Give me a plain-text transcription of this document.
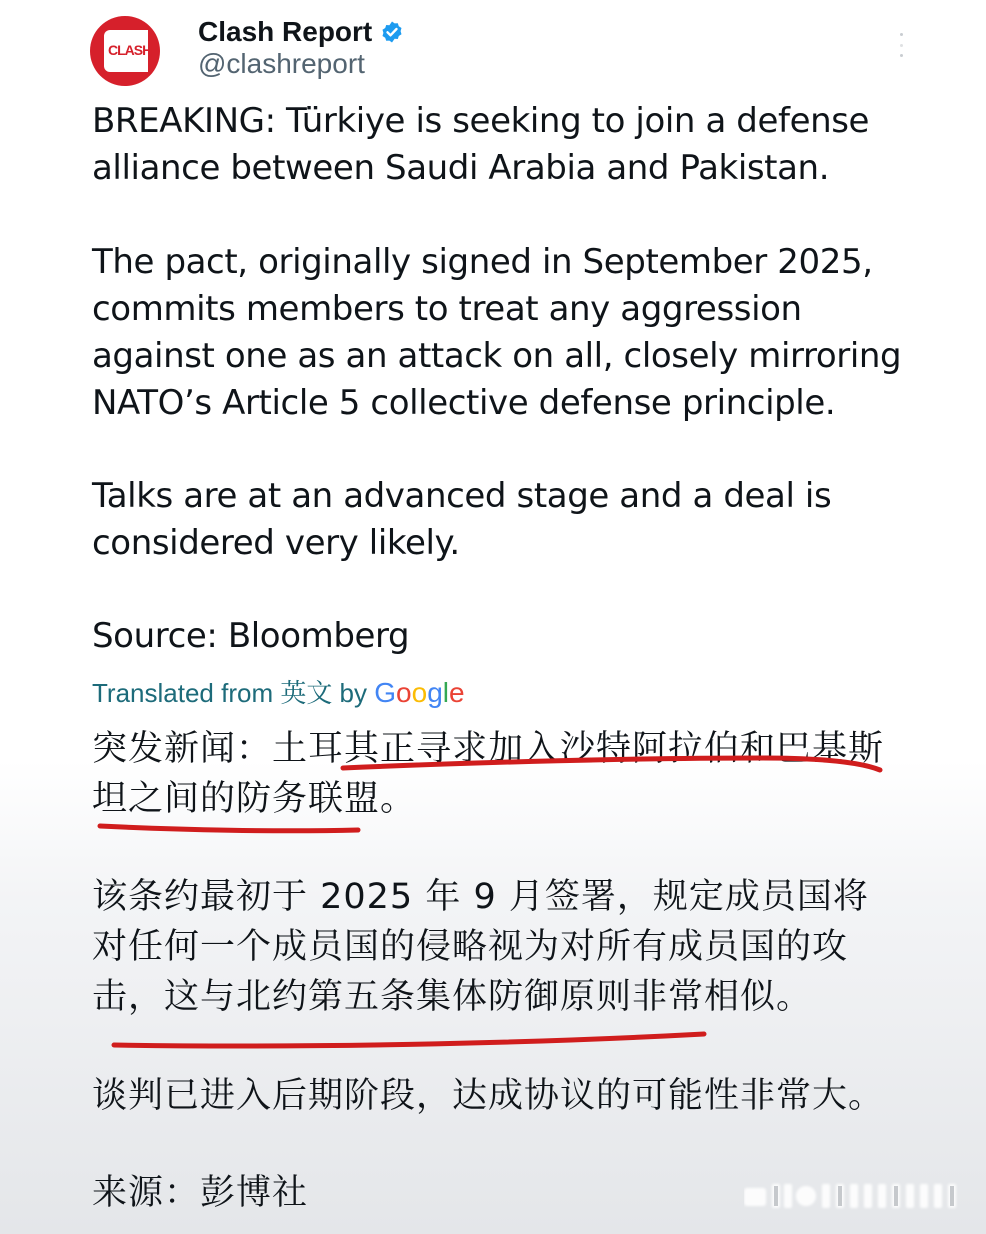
CLASH
Clash Report
@clashreport

BREAKING: Türkiye is seeking to join a defense alliance between Saudi Arabia and Pakistan.

The pact, originally signed in September 2025, commits members to treat any aggression against one as an attack on all, closely mirroring NATO’s Article 5 collective defense principle.

Talks are at an advanced stage and a deal is considered very likely.

Source: Bloomberg

Translated from 英文 by Google

突发新闻：土耳其正寻求加入沙特阿拉伯和巴基斯坦之间的防务联盟。

该条约最初于 2025 年 9 月签署，规定成员国将对任何一个成员国的侵略视为对所有成员国的攻击，这与北约第五条集体防御原则非常相似。

谈判已进入后期阶段，达成协议的可能性非常大。

来源：彭博社
